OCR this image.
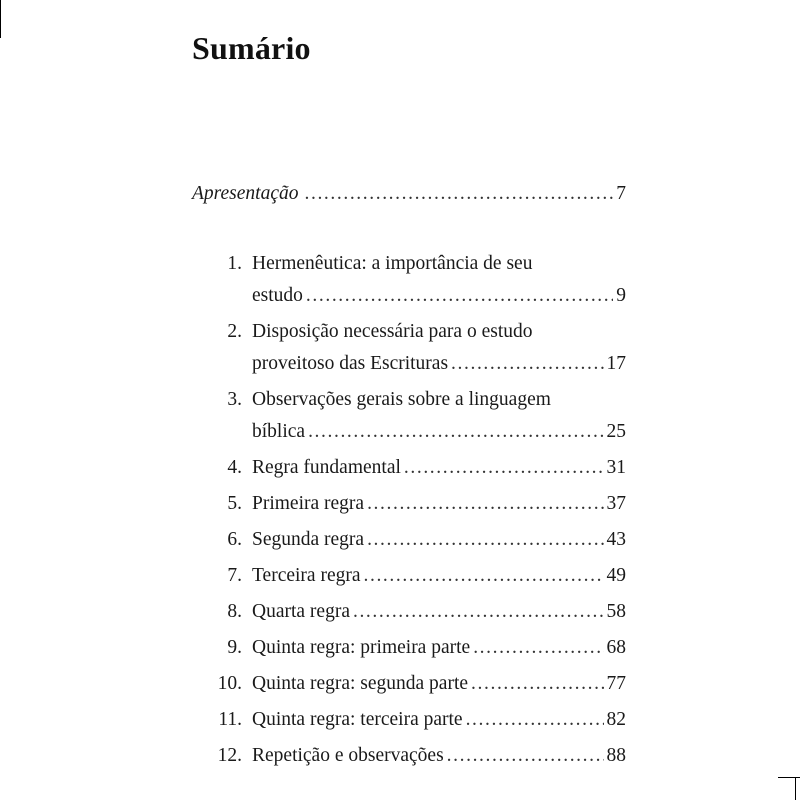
Sumário
Apresentação .....	7
1. Hermenêutica: a importância de seu
estudo .....	9
2. Disposição necessária para o estudo
proveitoso das Escrituras .....	17
3. Observações gerais sobre a linguagem
bíblica .....	25
4. Regra fundamental .....	31
5. Primeira regra .....	37
6. Segunda regra .....	43
7. Terceira regra .....	49
8. Quarta regra .....	58
9. Quinta regra: primeira parte .....	68
10. Quinta regra: segunda parte .....	77
11. Quinta regra: terceira parte .....	82
12. Repetição e observações .....	88
